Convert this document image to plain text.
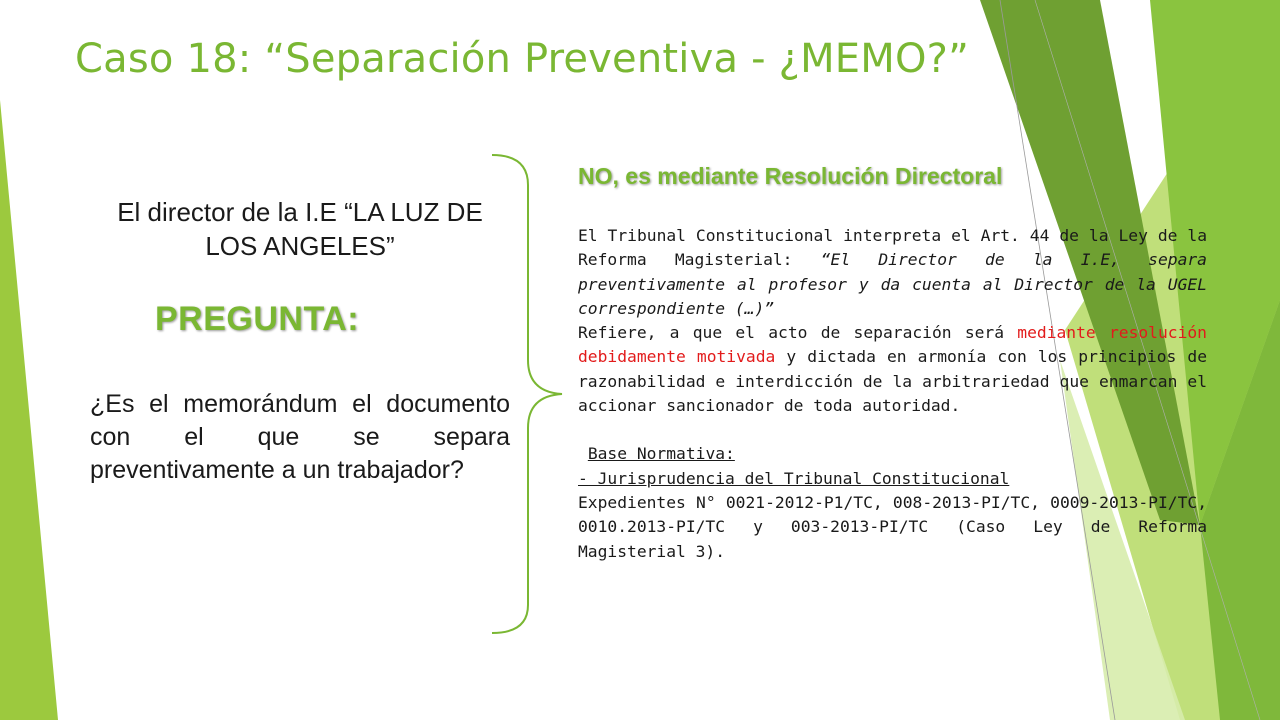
Caso 18: “Separación Preventiva - ¿MEMO?”
El director de la I.E “LA LUZ DE LOS ANGELES”
PREGUNTA:
¿Es el memorándum el documento con el que se separa preventivamente a un trabajador?
NO, es mediante Resolución Directoral

El Tribunal Constitucional interpreta el Art. 44 de la Ley de la Reforma Magisterial: “El Director de la I.E, separa preventivamente al profesor y da cuenta al Director de la UGEL correspondiente (…)”

Refiere, a que el acto de separación será mediante resolución debidamente motivada y dictada en armonía con los principios de razonabilidad e interdicción de la arbitrariedad que enmarcan el accionar sancionador de toda autoridad.

Base Normativa:

- Jurisprudencia del Tribunal Constitucional

Expedientes N° 0021-2012-P1/TC, 008-2013-PI/TC, 0009-2013-PI/TC, 0010.2013-PI/TC y 003-2013-PI/TC (Caso Ley de Reforma Magisterial 3).
